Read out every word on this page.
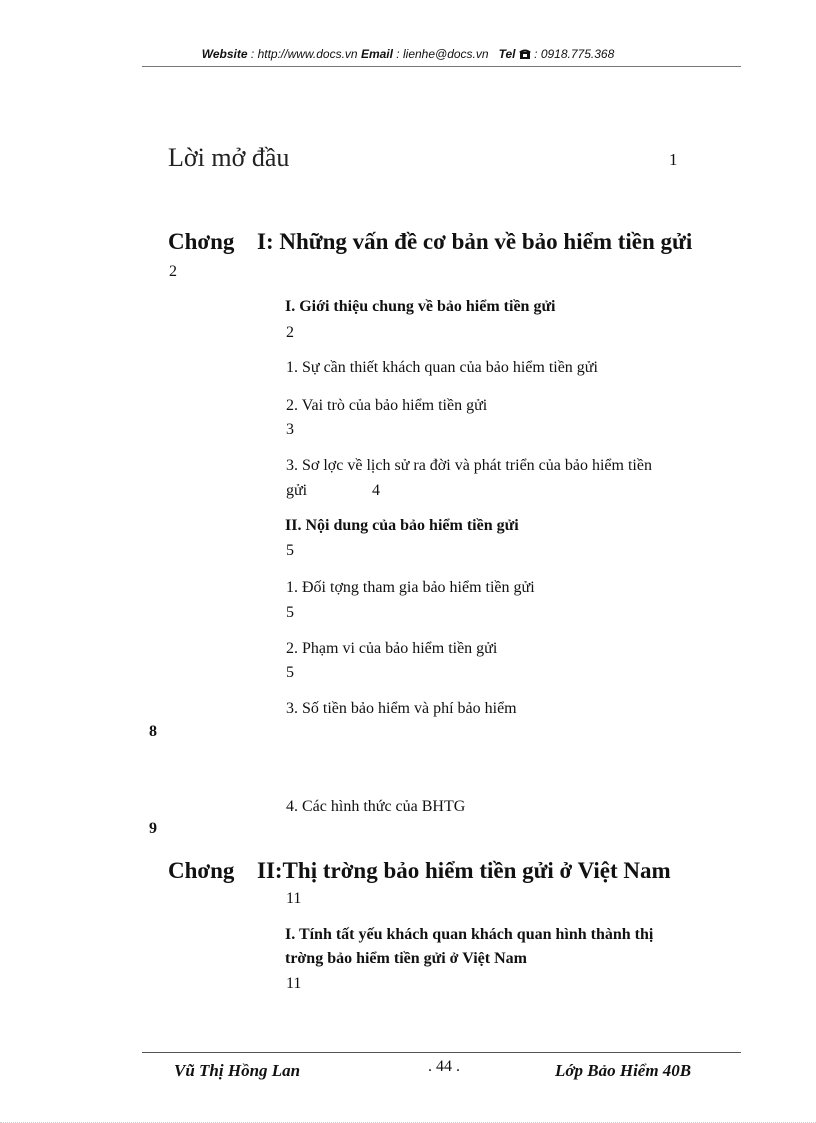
Website : http://www.docs.vn Email : lienhe@docs.vn Tel  : 0918.775.368
Lời mở đầu	1
Chơng I: Những vấn đề cơ bản về bảo hiểm tiền gửi
2
I. Giới thiệu chung về bảo hiểm tiền gửi
2
1. Sự cần thiết khách quan của bảo hiểm tiền gửi
2. Vai trò của bảo hiểm tiền gửi
3
3. Sơ lợc về lịch sử ra đời và phát triển của bảo hiểm tiền
gửi	4
II. Nội dung của bảo hiểm tiền gửi
5
1. Đối tợng tham gia bảo hiểm tiền gửi
5
2. Phạm vi của bảo hiểm tiền gửi
5
3. Số tiền bảo hiểm và phí bảo hiểm
8
4. Các hình thức của BHTG
9
Chơng II:Thị trờng bảo hiểm tiền gửi ở Việt Nam
11
I. Tính tất yếu khách quan khách quan hình thành thị
trờng bảo hiểm tiền gửi ở Việt Nam
11
Vũ Thị Hồng Lan	. 44 .	Lớp Bảo Hiểm 40B
